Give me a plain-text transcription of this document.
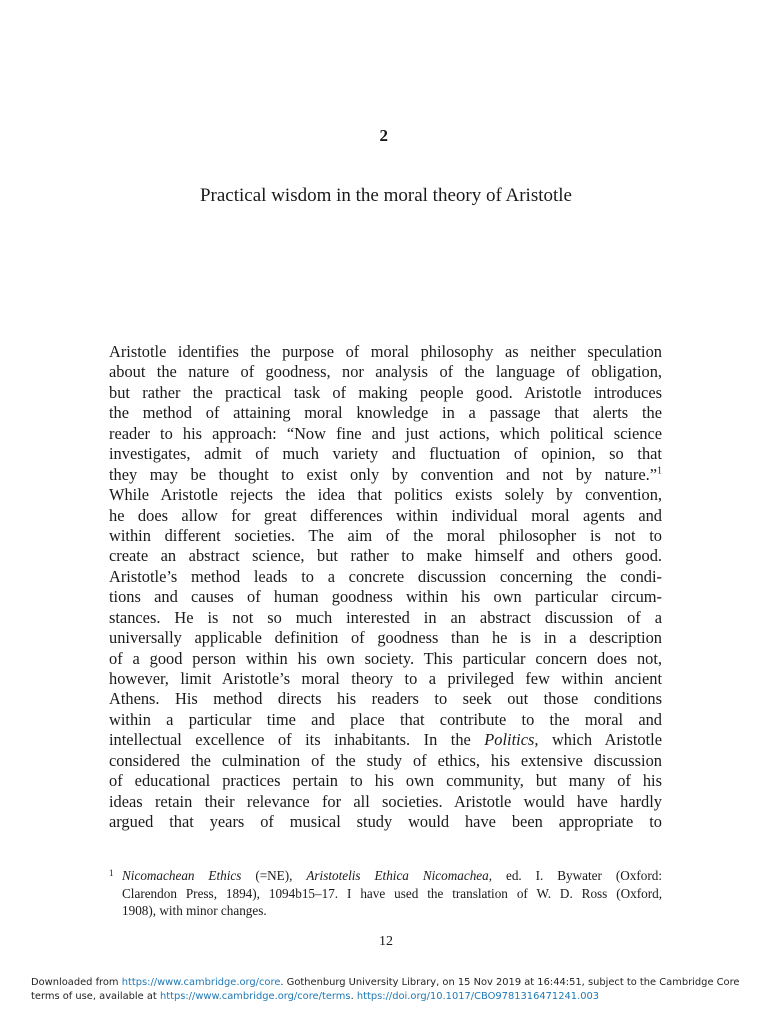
2
Practical wisdom in the moral theory of Aristotle
Aristotle identifies the purpose of moral philosophy as neither speculation
about the nature of goodness, nor analysis of the language of obligation,
but rather the practical task of making people good. Aristotle introduces
the method of attaining moral knowledge in a passage that alerts the
reader to his approach: “Now fine and just actions, which political science
investigates, admit of much variety and fluctuation of opinion, so that
they may be thought to exist only by convention and not by nature.”$^1$
While Aristotle rejects the idea that politics exists solely by convention,
he does allow for great differences within individual moral agents and
within different societies. The aim of the moral philosopher is not to
create an abstract science, but rather to make himself and others good.
Aristotle’s method leads to a concrete discussion concerning the condi-
tions and causes of human goodness within his own particular circum-
stances. He is not so much interested in an abstract discussion of a
universally applicable definition of goodness than he is in a description
of a good person within his own society. This particular concern does not,
however, limit Aristotle’s moral theory to a privileged few within ancient
Athens. His method directs his readers to seek out those conditions
within a particular time and place that contribute to the moral and
intellectual excellence of its inhabitants. In the Politics, which Aristotle
considered the culmination of the study of ethics, his extensive discussion
of educational practices pertain to his own community, but many of his
ideas retain their relevance for all societies. Aristotle would have hardly
argued that years of musical study would have been appropriate to
1 Nicomachean Ethics (=NE), Aristotelis Ethica Nicomachea, ed. I. Bywater (Oxford:
Clarendon Press, 1894), 1094b15–17. I have used the translation of W. D. Ross (Oxford,
1908), with minor changes.
12
Downloaded from https://www.cambridge.org/core. Gothenburg University Library, on 15 Nov 2019 at 16:44:51, subject to the Cambridge Core
terms of use, available at https://www.cambridge.org/core/terms. https://doi.org/10.1017/CBO9781316471241.003
